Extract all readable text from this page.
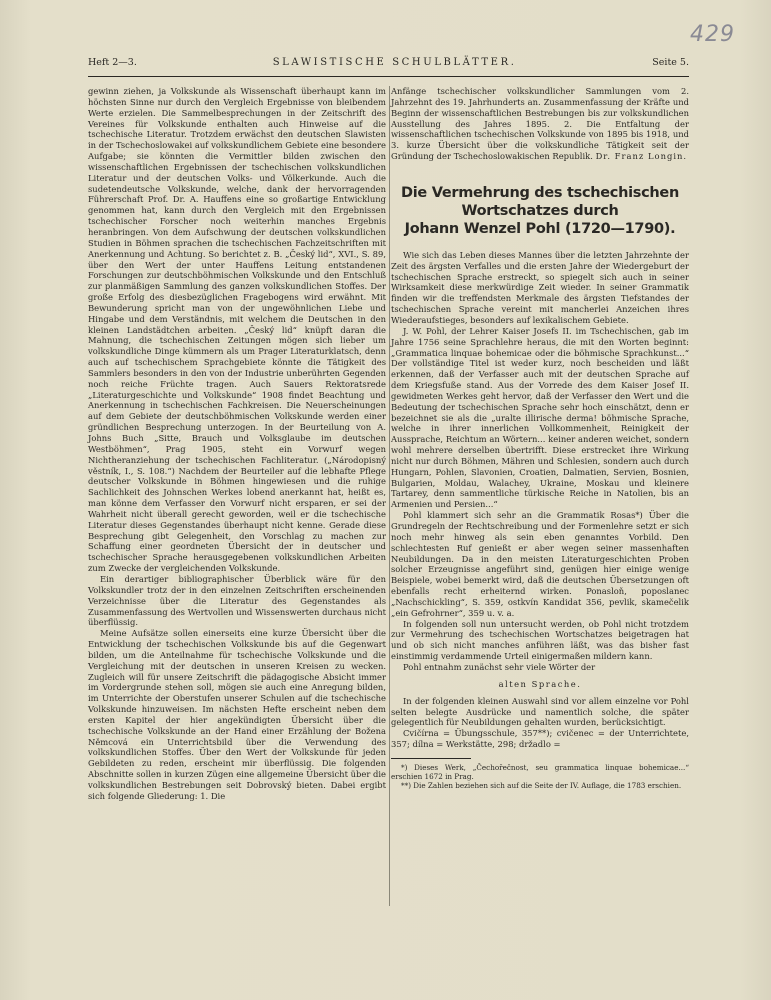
429
Heft 2—3.	SLAWISTISCHE SCHULBLÄTTER.	Seite 5.

gewinn ziehen, ja Volkskunde als Wissenschaft überhaupt kann im höchsten Sinne nur durch den Vergleich Ergebnisse von bleibendem Werte erzielen. Die Sammelbesprechungen in der Zeitschrift des Vereines für Volkskunde enthalten auch Hinweise auf die tschechische Literatur. Trotzdem erwächst den deutschen Slawisten in der Tschechoslowakei auf volkskundlichem Gebiete eine besondere Aufgabe; sie könnten die Vermittler bilden zwischen den wissenschaftlichen Ergebnissen der tschechischen volkskundlichen Literatur und der deutschen Volks- und Völkerkunde. Auch die sudetendeutsche Volkskunde, welche, dank der hervorragenden Führerschaft Prof. Dr. A. Hauffens eine so großartige Entwicklung genommen hat, kann durch den Vergleich mit den Ergebnissen tschechischer Forscher noch weiterhin manches Ergebnis heranbringen. Von dem Aufschwung der deutschen volkskundlichen Studien in Böhmen sprachen die tschechischen Fachzeitschriften mit Anerkennung und Achtung. So berichtet z. B. „Český lid“, XVI., S. 89, über den Wert der unter Hauffens Leitung entstandenen Forschungen zur deutschböhmischen Volkskunde und den Entschluß zur planmäßigen Sammlung des ganzen volkskundlichen Stoffes. Der große Erfolg des diesbezüglichen Fragebogens wird erwähnt. Mit Bewunderung spricht man von der ungewöhnlichen Liebe und Hingabe und dem Verständnis, mit welchem die Deutschen in den kleinen Landstädtchen arbeiten. „Český lid“ knüpft daran die Mahnung, die tschechischen Zeitungen mögen sich lieber um volkskundliche Dinge kümmern als um Prager Literaturklatsch, denn auch auf tschechischem Sprachgebiete könnte die Tätigkeit des Sammlers besonders in den von der Industrie unberührten Gegenden noch reiche Früchte tragen. Auch Sauers Rektoratsrede „Literaturgeschichte und Volkskunde“ 1908 findet Beachtung und Anerkennung in tschechischen Fachkreisen. Die Neuerscheinungen auf dem Gebiete der deutschböhmischen Volkskunde werden einer gründlichen Besprechung unterzogen. In der Beurteilung von A. Johns Buch „Sitte, Brauch und Volksglaube im deutschen Westböhmen“, Prag 1905, steht ein Vorwurf wegen Nichtheranziehung der tschechischen Fachliteratur. („Národopisný věstník, I., S. 108.“) Nachdem der Beurteiler auf die lebhafte Pflege deutscher Volkskunde in Böhmen hingewiesen und die ruhige Sachlichkeit des Johnschen Werkes lobend anerkannt hat, heißt es, man könne dem Verfasser den Vorwurf nicht ersparen, er sei der Wahrheit nicht überall gerecht geworden, weil er die tschechische Literatur dieses Gegenstandes überhaupt nicht kenne. Gerade diese Besprechung gibt Gelegenheit, den Vorschlag zu machen zur Schaffung einer geordneten Übersicht der in deutscher und tschechischer Sprache herausgegebenen volkskundlichen Arbeiten zum Zwecke der vergleichenden Volkskunde.

Ein derartiger bibliographischer Überblick wäre für den Volkskundler trotz der in den einzelnen Zeitschriften erscheinenden Verzeichnisse über die Literatur des Gegenstandes als Zusammenfassung des Wertvollen und Wissenswerten durchaus nicht überflüssig.

Meine Aufsätze sollen einerseits eine kurze Übersicht über die Entwicklung der tschechischen Volkskunde bis auf die Gegenwart bilden, um die Anteilnahme für tschechische Volkskunde und die Vergleichung mit der deutschen in unseren Kreisen zu wecken. Zugleich will für unsere Zeitschrift die pädagogische Absicht immer im Vordergrunde stehen soll, mögen sie auch eine Anregung bilden, im Unterrichte der Oberstufen unserer Schulen auf die tschechische Volkskunde hinzuweisen. Im nächsten Hefte erscheint neben dem ersten Kapitel der hier angekündigten Übersicht über die tschechische Volkskunde an der Hand einer Erzählung der Božena Němcová ein Unterrichtsbild über die Verwendung des volkskundlichen Stoffes. Über den Wert der Volkskunde für jeden Gebildeten zu reden, erscheint mir überflüssig. Die folgenden Abschnitte sollen in kurzen Zügen eine allgemeine Übersicht über die volkskundlichen Bestrebungen seit Dobrovský bieten. Dabei ergibt sich folgende Gliederung: 1. Die

Anfänge tschechischer volkskundlicher Sammlungen vom 2. Jahrzehnt des 19. Jahrhunderts an. Zusammenfassung der Kräfte und Beginn der wissenschaftlichen Bestrebungen bis zur volkskundlichen Ausstellung des Jahres 1895. 2. Die Entfaltung der wissenschaftlichen tschechischen Volkskunde von 1895 bis 1918, und 3. kurze Übersicht über die volkskundliche Tätigkeit seit der Gründung der Tschechoslowakischen Republik. Dr. Franz Longin.

Die Vermehrung des tschechischen
Wortschatzes durch
Johann Wenzel Pohl (1720—1790).

Wie sich das Leben dieses Mannes über die letzten Jahrzehnte der Zeit des ärgsten Verfalles und die ersten Jahre der Wiedergeburt der tschechischen Sprache erstreckt, so spiegelt sich auch in seiner Wirksamkeit diese merkwürdige Zeit wieder. In seiner Grammatik finden wir die treffendsten Merkmale des ärgsten Tiefstandes der tschechischen Sprache vereint mit mancherlei Anzeichen ihres Wiederaufstieges, besonders auf lexikalischem Gebiete.

J. W. Pohl, der Lehrer Kaiser Josefs II. im Tschechischen, gab im Jahre 1756 seine Sprachlehre heraus, die mit den Worten beginnt: „Grammatica linquae bohemicae oder die böhmische Sprachkunst...“ Der vollständige Titel ist weder kurz, noch bescheiden und läßt erkennen, daß der Verfasser auch mit der deutschen Sprache auf dem Kriegsfuße stand. Aus der Vorrede des dem Kaiser Josef II. gewidmeten Werkes geht hervor, daß der Verfasser den Wert und die Bedeutung der tschechischen Sprache sehr hoch einschätzt, denn er bezeichnet sie als die „uralte illirische derma! böhmische Sprache, welche in ihrer innerlichen Vollkommenheit, Reinigkeit der Aussprache, Reichtum an Wörtern... keiner anderen weichet, sondern wohl mehrere derselben übertrifft. Diese erstrecket ihre Wirkung nicht nur durch Böhmen, Mähren und Schlesien, sondern auch durch Hungarn, Pohlen, Slavonien, Croatien, Dalmatien, Servien, Bosnien, Bulgarien, Moldau, Walachey, Ukraine, Moskau und kleinere Tartarey, denn sammentliche türkische Reiche in Natolien, bis an Armenien und Persien...“

Pohl klammert sich sehr an die Grammatik Rosas*) Über die Grundregeln der Rechtschreibung und der Formenlehre setzt er sich noch mehr hinweg als sein eben genanntes Vorbild. Den schlechtesten Ruf genießt er aber wegen seiner massenhaften Neubildungen. Da in den meisten Literaturgeschichten Proben solcher Erzeugnisse angeführt sind, genügen hier einige wenige Beispiele, wobei bemerkt wird, daß die deutschen Übersetzungen oft ebenfalls recht erheiternd wirken. Ponasloň, poposlanec „Nachschickling“, S. 359, ostkvín Kandidat 356, pevlik, skamečelik „ein Gefrohrner“, 359 u. v. a.

In folgenden soll nun untersucht werden, ob Pohl nicht trotzdem zur Vermehrung des tschechischen Wortschatzes beigetragen hat und ob sich nicht manches anführen läßt, was das bisher fast einstimmig verdammende Urteil einigermaßen mildern kann.

Pohl entnahm zunächst sehr viele Wörter der

alten Sprache.

In der folgenden kleinen Auswahl sind vor allem einzelne vor Pohl selten belegte Ausdrücke und namentlich solche, die später gelegentlich für Neubildungen gehalten wurden, berücksichtigt.

Cvičírna = Übungsschule, 357**); cvičenec = der Unterrichtete, 357; dílna = Werkstätte, 298; držadlo =

*) Dieses Werk, „Čechořečnost, seu grammatica linquae bohemicae...“ erschien 1672 in Prag.

**) Die Zahlen beziehen sich auf die Seite der IV. Auflage, die 1783 erschien.
